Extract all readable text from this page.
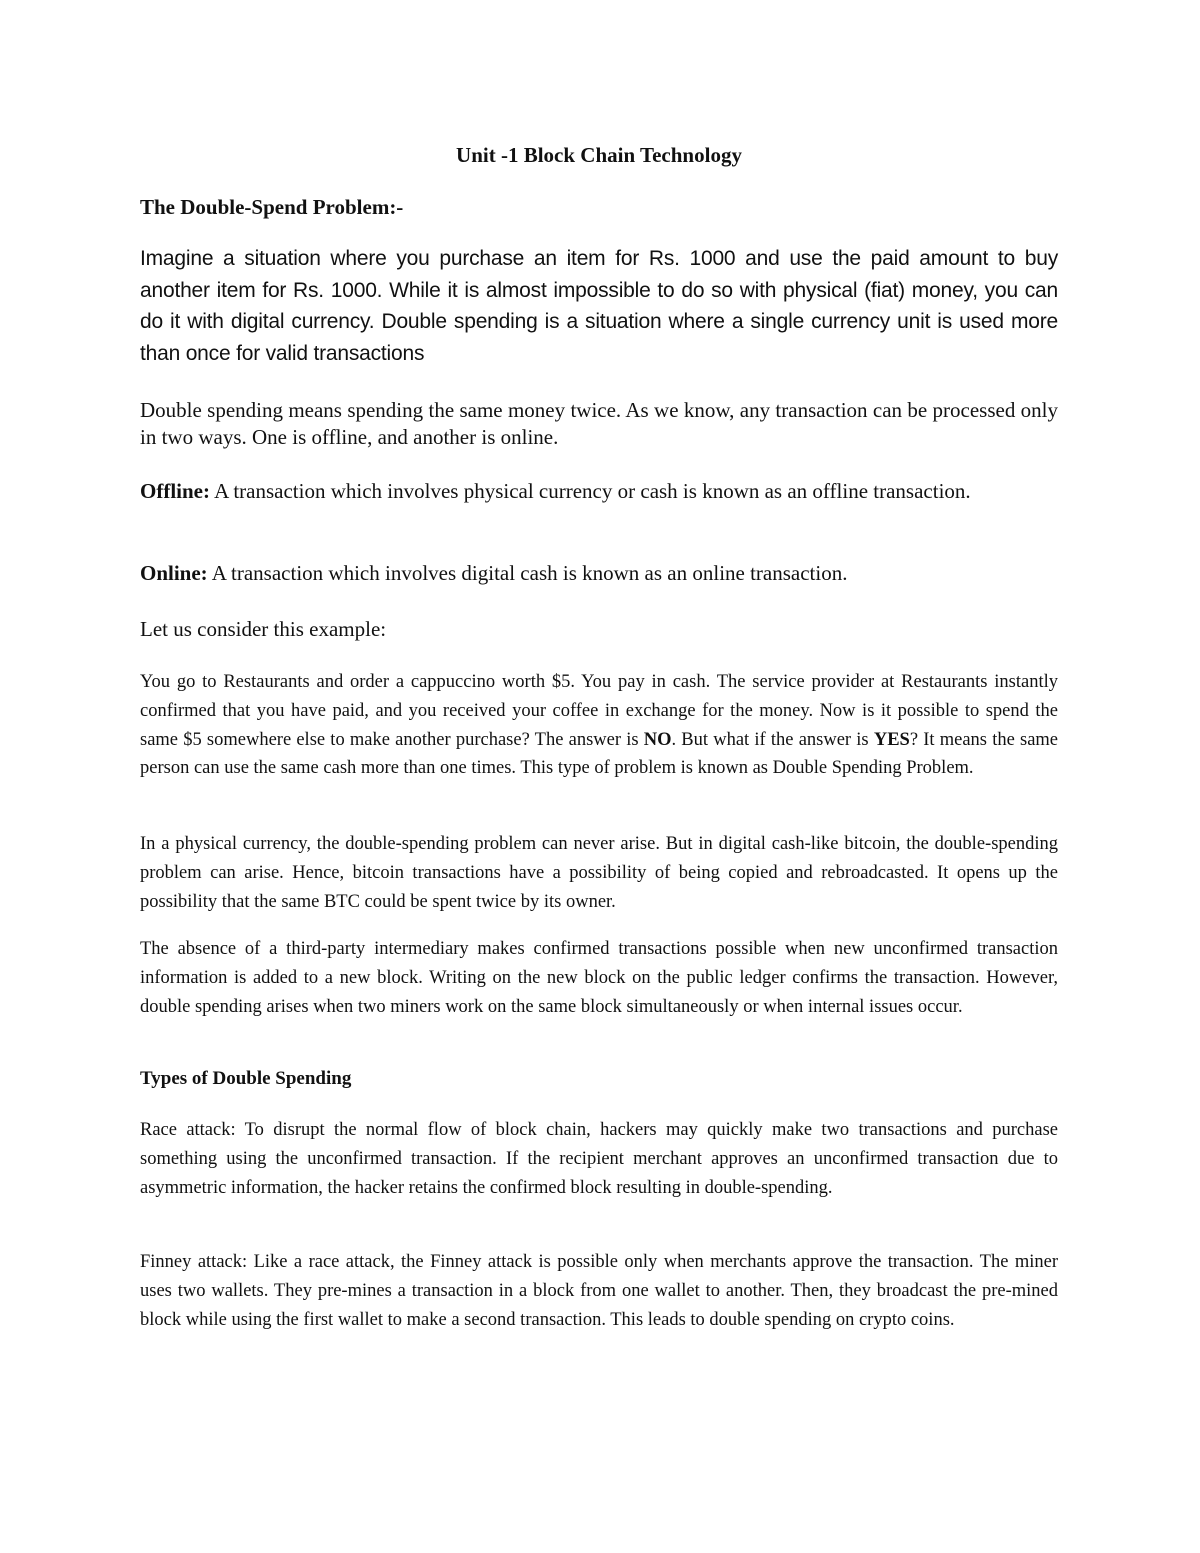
Unit -1 Block Chain Technology
The Double-Spend Problem:-

Imagine a situation where you purchase an item for Rs. 1000 and use the paid amount to buy another item for Rs. 1000. While it is almost impossible to do so with physical (fiat) money, you can do it with digital currency. Double spending is a situation where a single currency unit is used more than once for valid transactions

Double spending means spending the same money twice. As we know, any transaction can be processed only in two ways. One is offline, and another is online.

Offline: A transaction which involves physical currency or cash is known as an offline transaction.

Online: A transaction which involves digital cash is known as an online transaction.

Let us consider this example:

You go to Restaurants and order a cappuccino worth $5. You pay in cash. The service provider at Restaurants instantly confirmed that you have paid, and you received your coffee in exchange for the money. Now is it possible to spend the same $5 somewhere else to make another purchase? The answer is NO. But what if the answer is YES? It means the same person can use the same cash more than one times. This type of problem is known as Double Spending Problem.

In a physical currency, the double-spending problem can never arise. But in digital cash-like bitcoin, the double-spending problem can arise. Hence, bitcoin transactions have a possibility of being copied and rebroadcasted. It opens up the possibility that the same BTC could be spent twice by its owner.

The absence of a third-party intermediary makes confirmed transactions possible when new unconfirmed transaction information is added to a new block. Writing on the new block on the public ledger confirms the transaction. However, double spending arises when two miners work on the same block simultaneously or when internal issues occur.

Types of Double Spending

Race attack: To disrupt the normal flow of block chain, hackers may quickly make two transactions and purchase something using the unconfirmed transaction. If the recipient merchant approves an unconfirmed transaction due to asymmetric information, the hacker retains the confirmed block resulting in double-spending.

Finney attack: Like a race attack, the Finney attack is possible only when merchants approve the transaction. The miner uses two wallets. They pre-mines a transaction in a block from one wallet to another. Then, they broadcast the pre-mined block while using the first wallet to make a second transaction. This leads to double spending on crypto coins.
